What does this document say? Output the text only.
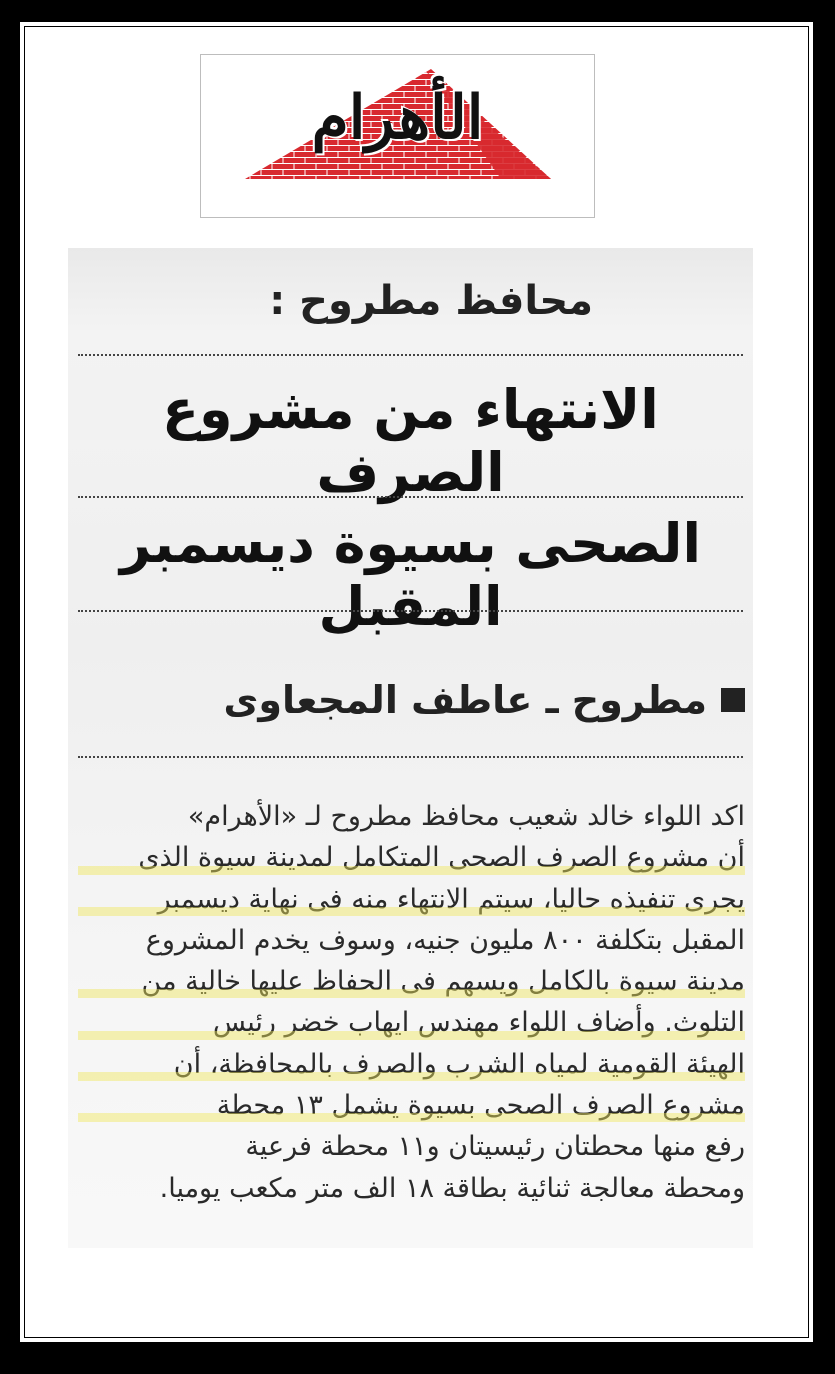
الأهرام
محافظ مطروح :
الانتهاء من مشروع الصرف
الصحى بسيوة ديسمبر المقبل
مطروح ـ عاطف المجعاوى
اكد اللواء خالد شعيب محافظ مطروح لـ «الأهرام»
أن مشروع الصرف الصحى المتكامل لمدينة سيوة الذى
يجرى تنفيذه حاليا، سيتم الانتهاء منه فى نهاية ديسمبر
المقبل بتكلفة ٨٠٠ مليون جنيه، وسوف يخدم المشروع
مدينة سيوة بالكامل ويسهم فى الحفاظ عليها خالية من
التلوث. وأضاف اللواء مهندس ايهاب خضر رئيس
الهيئة القومية لمياه الشرب والصرف بالمحافظة، أن
مشروع الصرف الصحى بسيوة يشمل ١٣ محطة
رفع منها محطتان رئيسيتان و١١ محطة فرعية
ومحطة معالجة ثنائية بطاقة ١٨ الف متر مكعب يوميا.
